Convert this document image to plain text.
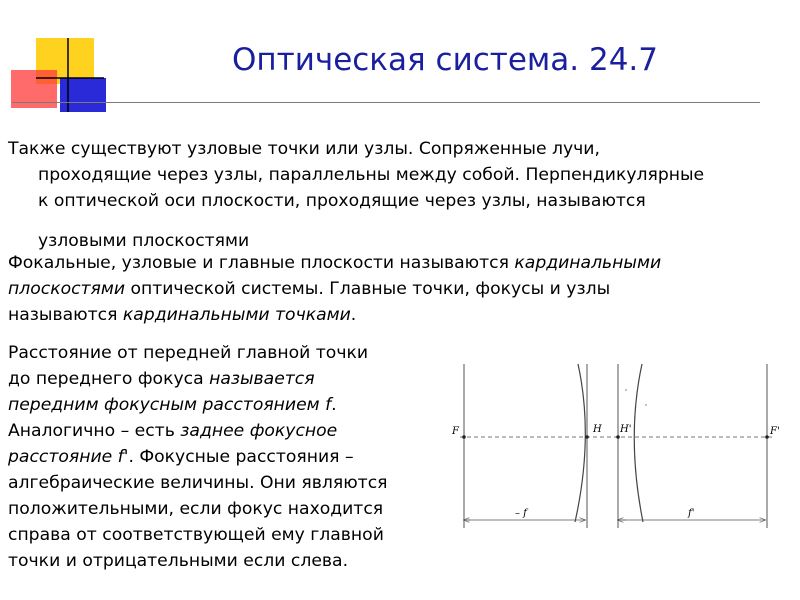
Оптическая система. 24.7
Также существуют узловые точки или узлы. Сопряженные лучи,
проходящие через узлы, параллельны между собой. Перпендикулярные
к оптической оси плоскости, проходящие через узлы, называются
узловыми плоскостями
Фокальные, узловые и главные плоскости называются кардинальными
плоскостями оптической системы. Главные точки, фокусы и узлы
называются кардинальными точками.
Расстояние от передней главной точки
до переднего фокуса называется
передним фокусным расстоянием f.
Аналогично – есть заднее фокусное
расстояние f'. Фокусные расстояния –
алгебраические величины. Они являются
положительными, если фокус находится
справа от соответствующей ему главной
точки и отрицательными если слева.
F	H H'	F'
– f	f'
